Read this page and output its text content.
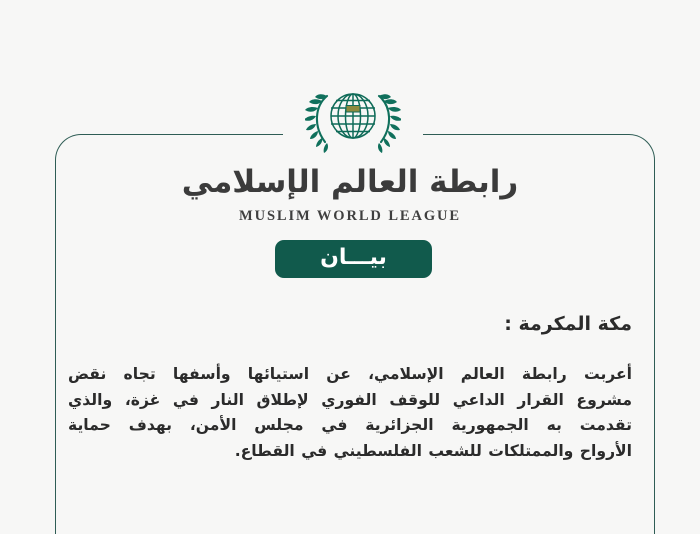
رابطة العالم الإسلامي
MUSLIM WORLD LEAGUE
بيـــان
مكة المكرمة :
أعربت رابطة العالم الإسلامي، عن استيائها وأسفها تجاه نقض
مشروع القرار الداعي للوقف الفوري لإطلاق النار في غزة، والذي
تقدمت به الجمهورية الجزائرية في مجلس الأمن، بهدف حماية
الأرواح والممتلكات للشعب الفلسطيني في القطاع.
